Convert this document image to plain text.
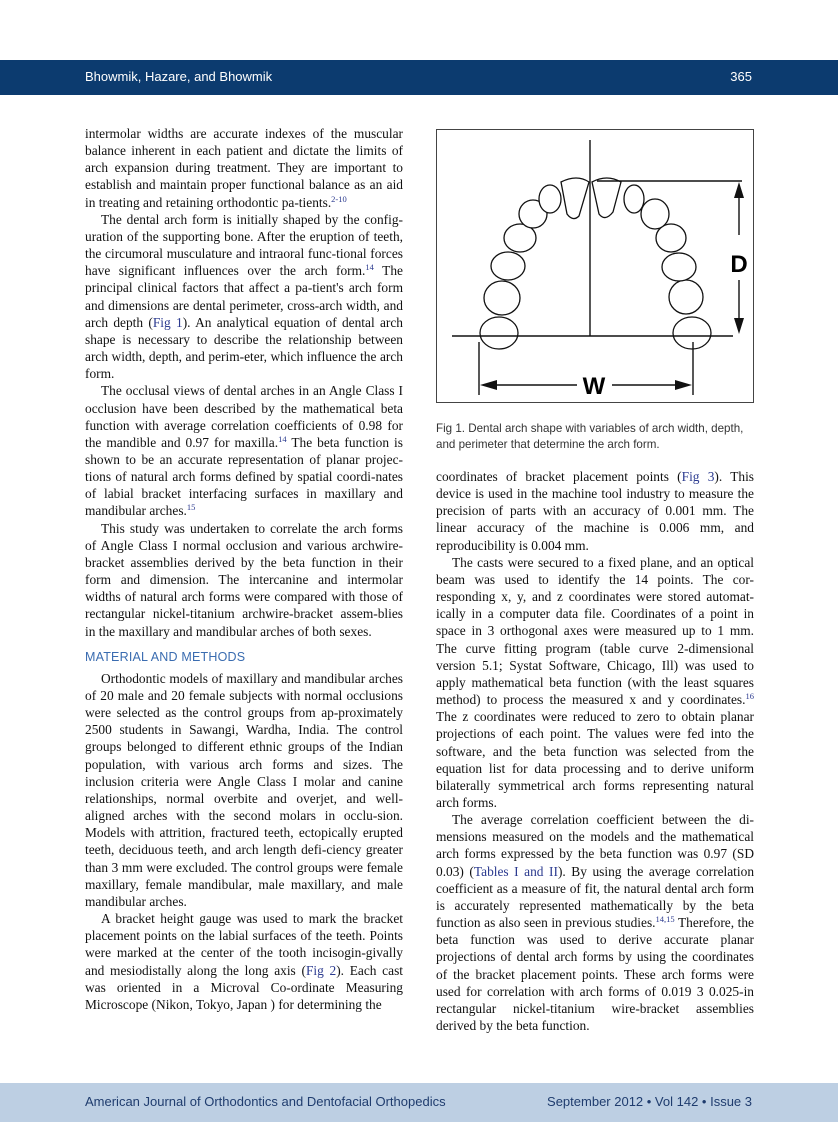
Bhowmik, Hazare, and Bhowmik	365

intermolar widths are accurate indexes of the muscular balance inherent in each patient and dictate the limits of arch expansion during treatment. They are important to establish and maintain proper functional balance as an aid in treating and retaining orthodontic pa-tients.$^{2-10}$

The dental arch form is initially shaped by the config-uration of the supporting bone. After the eruption of teeth, the circumoral musculature and intraoral func-tional forces have significant influences over the arch form.$^{14}$ The principal clinical factors that affect a pa-tient's arch form and dimensions are dental perimeter, cross-arch width, and arch depth (Fig 1). An analytical equation of dental arch shape is necessary to describe the relationship between arch width, depth, and perim-eter, which influence the arch form.

The occlusal views of dental arches in an Angle Class I occlusion have been described by the mathematical beta function with average correlation coefficients of 0.98 for the mandible and 0.97 for maxilla.$^{14}$ The beta function is shown to be an accurate representation of planar projec-tions of natural arch forms defined by spatial coordi-nates of labial bracket interfacing surfaces in maxillary and mandibular arches.$^{15}$

This study was undertaken to correlate the arch forms of Angle Class I normal occlusion and various archwire-bracket assemblies derived by the beta function in their form and dimension. The intercanine and intermolar widths of natural arch forms were compared with those of rectangular nickel-titanium archwire-bracket assem-blies in the maxillary and mandibular arches of both sexes.

MATERIAL AND METHODS

Orthodontic models of maxillary and mandibular arches of 20 male and 20 female subjects with normal occlusions were selected as the control groups from ap-proximately 2500 students in Sawangi, Wardha, India. The control groups belonged to different ethnic groups of the Indian population, with various arch forms and sizes. The inclusion criteria were Angle Class I molar and canine relationships, normal overbite and overjet, and well-aligned arches with the second molars in occlu-sion. Models with attrition, fractured teeth, ectopically erupted teeth, deciduous teeth, and arch length defi-ciency greater than 3 mm were excluded. The control groups were female maxillary, female mandibular, male maxillary, and male mandibular arches.

A bracket height gauge was used to mark the bracket placement points on the labial surfaces of the teeth. Points were marked at the center of the tooth incisogin-givally and mesiodistally along the long axis (Fig 2). Each cast was oriented in a Microval Co-ordinate Measuring Microscope (Nikon, Tokyo, Japan ) for determining the

D
W
Fig 1. Dental arch shape with variables of arch width, depth, and perimeter that determine the arch form.

coordinates of bracket placement points (Fig 3). This device is used in the machine tool industry to measure the precision of parts with an accuracy of 0.001 mm. The linear accuracy of the machine is 0.006 mm, and reproducibility is 0.004 mm.

The casts were secured to a fixed plane, and an optical beam was used to identify the 14 points. The cor-responding x, y, and z coordinates were stored automat-ically in a computer data file. Coordinates of a point in space in 3 orthogonal axes were measured up to 1 mm. The curve fitting program (table curve 2-dimensional version 5.1; Systat Software, Chicago, Ill) was used to apply mathematical beta function (with the least squares method) to process the measured x and y coordinates.$^{16}$ The z coordinates were reduced to zero to obtain planar projections of each point. The values were fed into the software, and the beta function was selected from the equation list for data processing and to derive uniform bilaterally symmetrical arch forms representing natural arch forms.

The average correlation coefficient between the di-mensions measured on the models and the mathematical arch forms expressed by the beta function was 0.97 (SD 0.03) (Tables I and II). By using the average correlation coefficient as a measure of fit, the natural dental arch form is accurately represented mathematically by the beta function as also seen in previous studies.$^{14,15}$ Therefore, the beta function was used to derive accurate planar projections of dental arch forms by using the coordinates of the bracket placement points. These arch forms were used for correlation with arch forms of 0.019 3 0.025-in rectangular nickel-titanium wire-bracket assemblies derived by the beta function.

American Journal of Orthodontics and Dentofacial Orthopedics	September 2012 • Vol 142 • Issue 3
